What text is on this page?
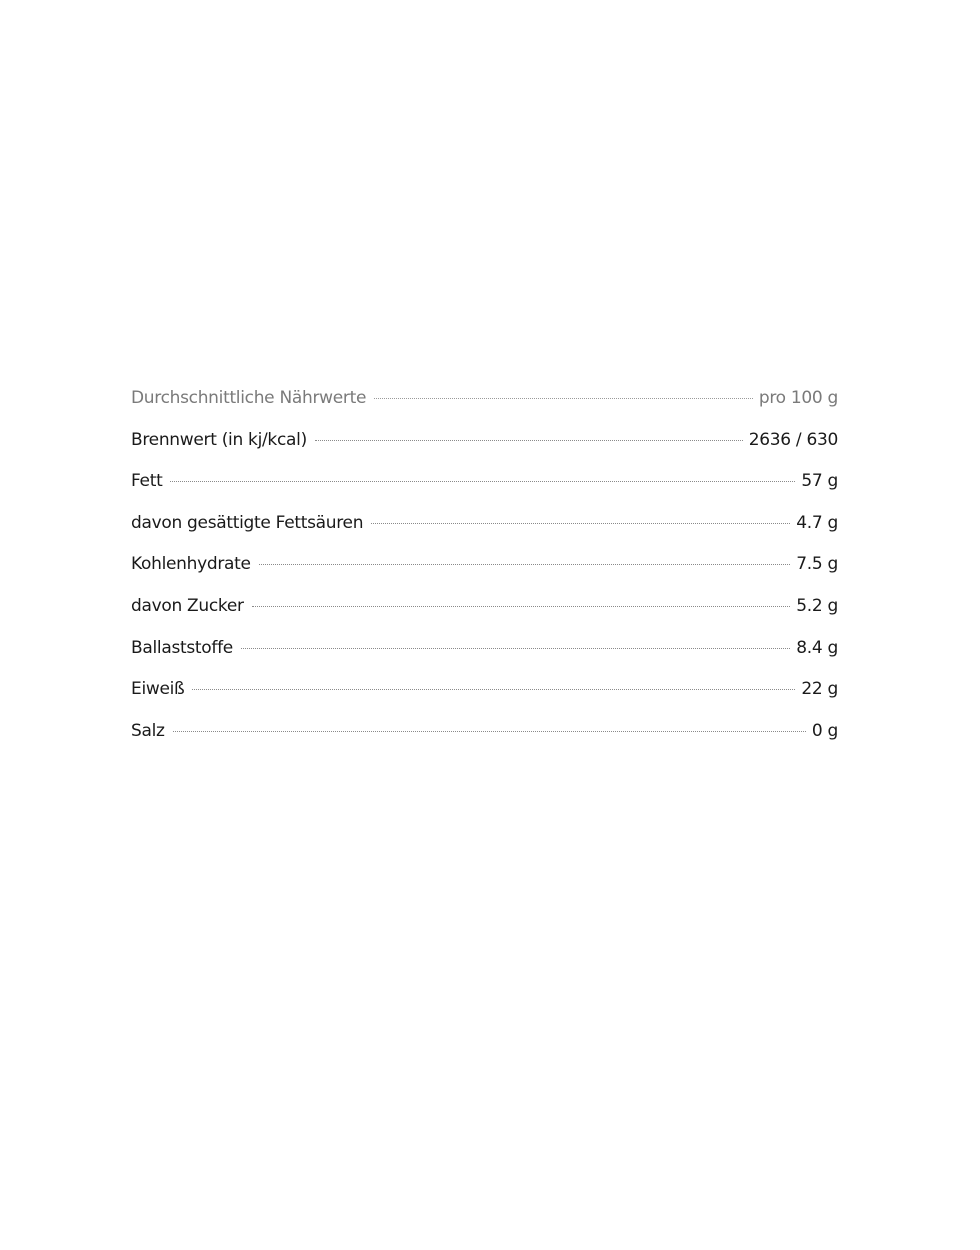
Durchschnittliche Nährwerte	pro 100 g
Brennwert (in kj/kcal)	2636 / 630
Fett	57 g
davon gesättigte Fettsäuren	4.7 g
Kohlenhydrate	7.5 g
davon Zucker	5.2 g
Ballaststoffe	8.4 g
Eiweiß	22 g
Salz	0 g
